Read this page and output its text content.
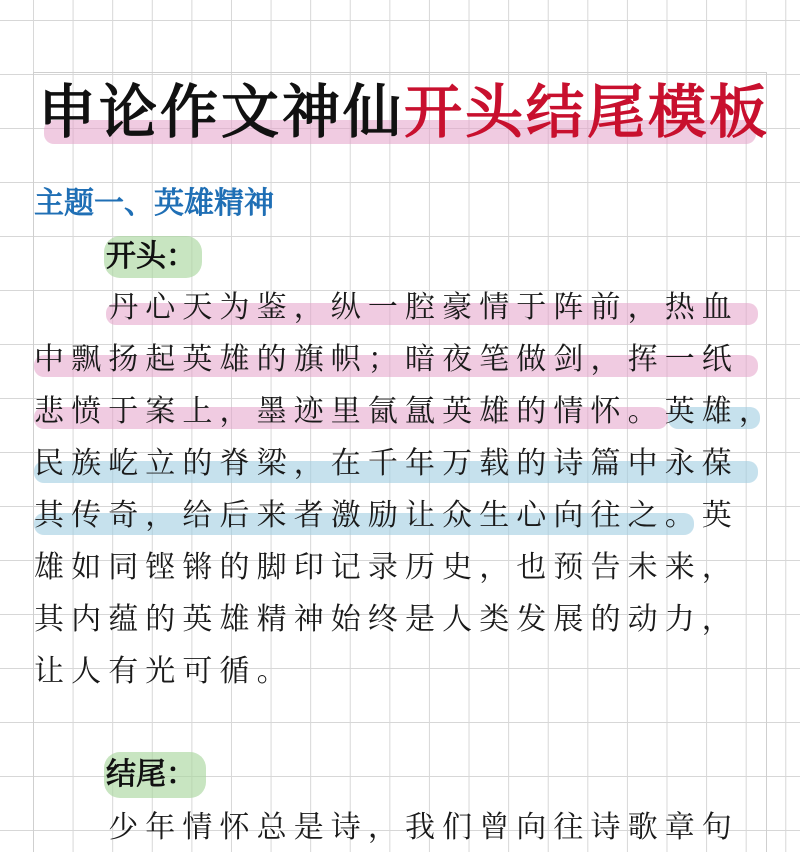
申论作文神仙开头结尾模板
主题一、英雄精神
开头：
　　丹心天为鉴，纵一腔豪情于阵前，热血
中飘扬起英雄的旗帜；暗夜笔做剑，挥一纸
悲愤于案上，墨迹里氤氲英雄的情怀。英雄，
民族屹立的脊梁，在千年万载的诗篇中永葆
其传奇，给后来者激励让众生心向往之。英
雄如同铿锵的脚印记录历史，也预告未来，
其内蕴的英雄精神始终是人类发展的动力，
让人有光可循。
结尾：
　　少年情怀总是诗，我们曾向往诗歌章句
